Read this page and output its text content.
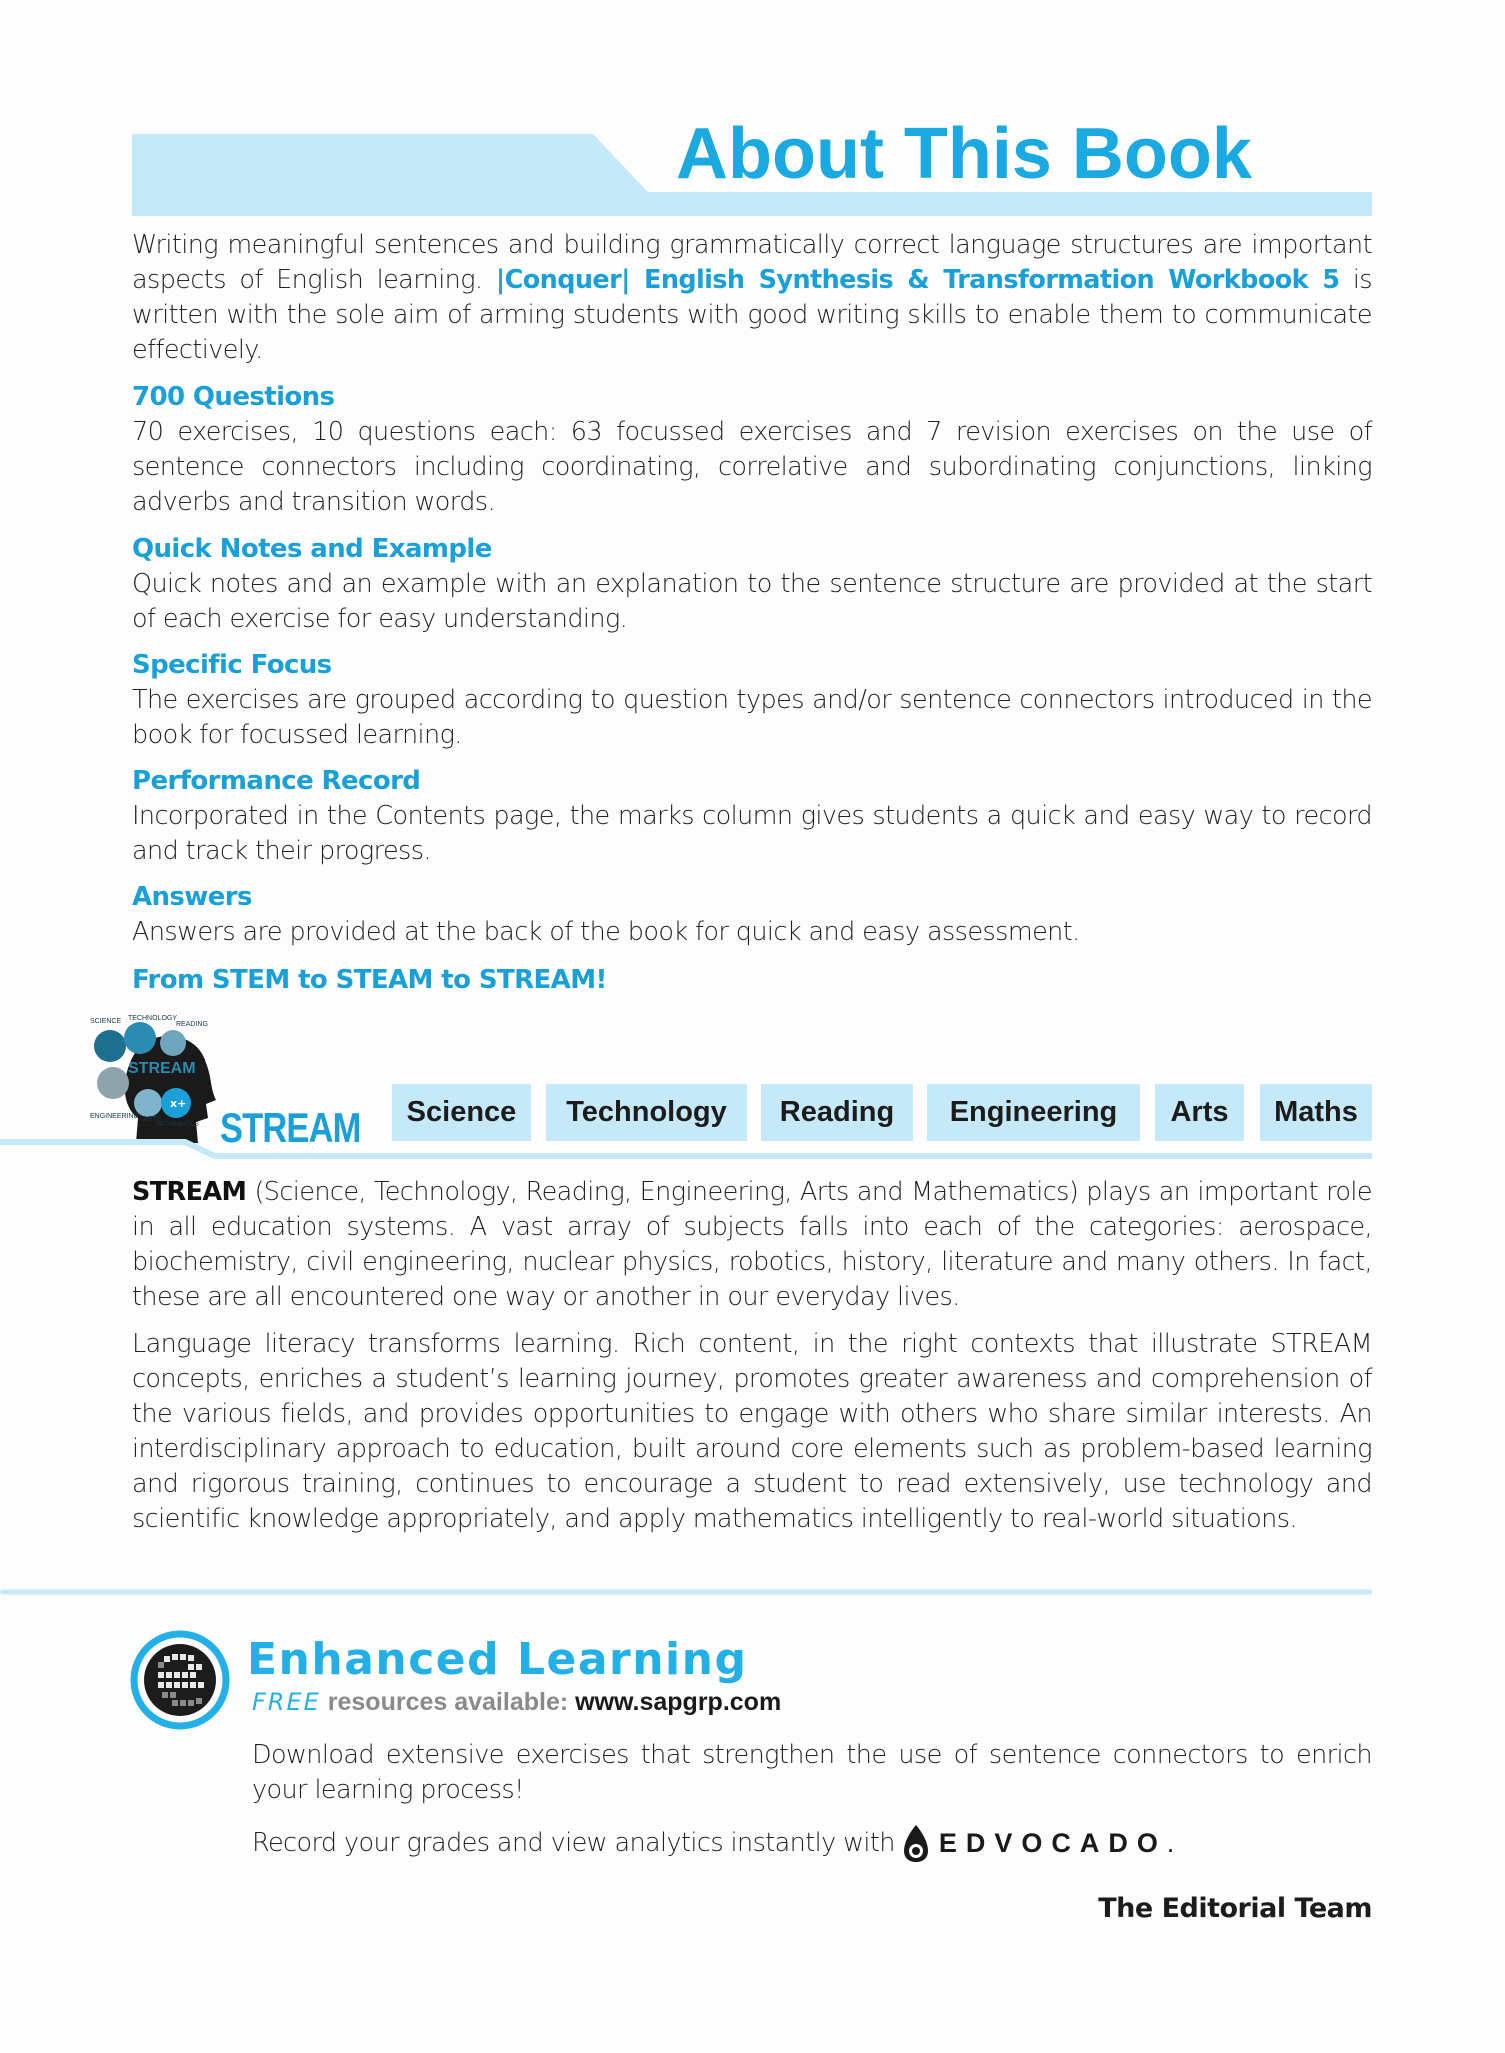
About This Book
Writing meaningful sentences and building grammatically correct language structures are important aspects of English learning. |Conquer| English Synthesis & Transformation Workbook 5 is written with the sole aim of arming students with good writing skills to enable them to communicate effectively.
700 Questions
70 exercises, 10 questions each: 63 focussed exercises and 7 revision exercises on the use of sentence connectors including coordinating, correlative and subordinating conjunctions, linking adverbs and transition words.
Quick Notes and Example
Quick notes and an example with an explanation to the sentence structure are provided at the start of each exercise for easy understanding.
Specific Focus
The exercises are grouped according to question types and/or sentence connectors introduced in the book for focussed learning.
Performance Record
Incorporated in the Contents page, the marks column gives students a quick and easy way to record and track their progress.
Answers
Answers are provided at the back of the book for quick and easy assessment.
From STEM to STEAM to STREAM!
x+
STREAM
SCIENCE TECHNOLOGY
READING
ENGINEERING ARTS
MATHEMATICS STREAM	Science	Technology	Reading	Engineering	Arts	Maths
STREAM (Science, Technology, Reading, Engineering, Arts and Mathematics) plays an important role in all education systems. A vast array of subjects falls into each of the categories: aerospace, biochemistry, civil engineering, nuclear physics, robotics, history, literature and many others. In fact, these are all encountered one way or another in our everyday lives.
Language literacy transforms learning. Rich content, in the right contexts that illustrate STREAM concepts, enriches a student’s learning journey, promotes greater awareness and comprehension of the various fields, and provides opportunities to engage with others who share similar interests. An interdisciplinary approach to education, built around core elements such as problem-based learning and rigorous training, continues to encourage a student to read extensively, use technology and scientific knowledge appropriately, and apply mathematics intelligently to real-world situations.
Enhanced Learning
FREE resources available: www.sapgrp.com
Download extensive exercises that strengthen the use of sentence connectors to enrich your learning process!
Record your grades and view analytics instantly with EDVOCADO.
The Editorial Team
